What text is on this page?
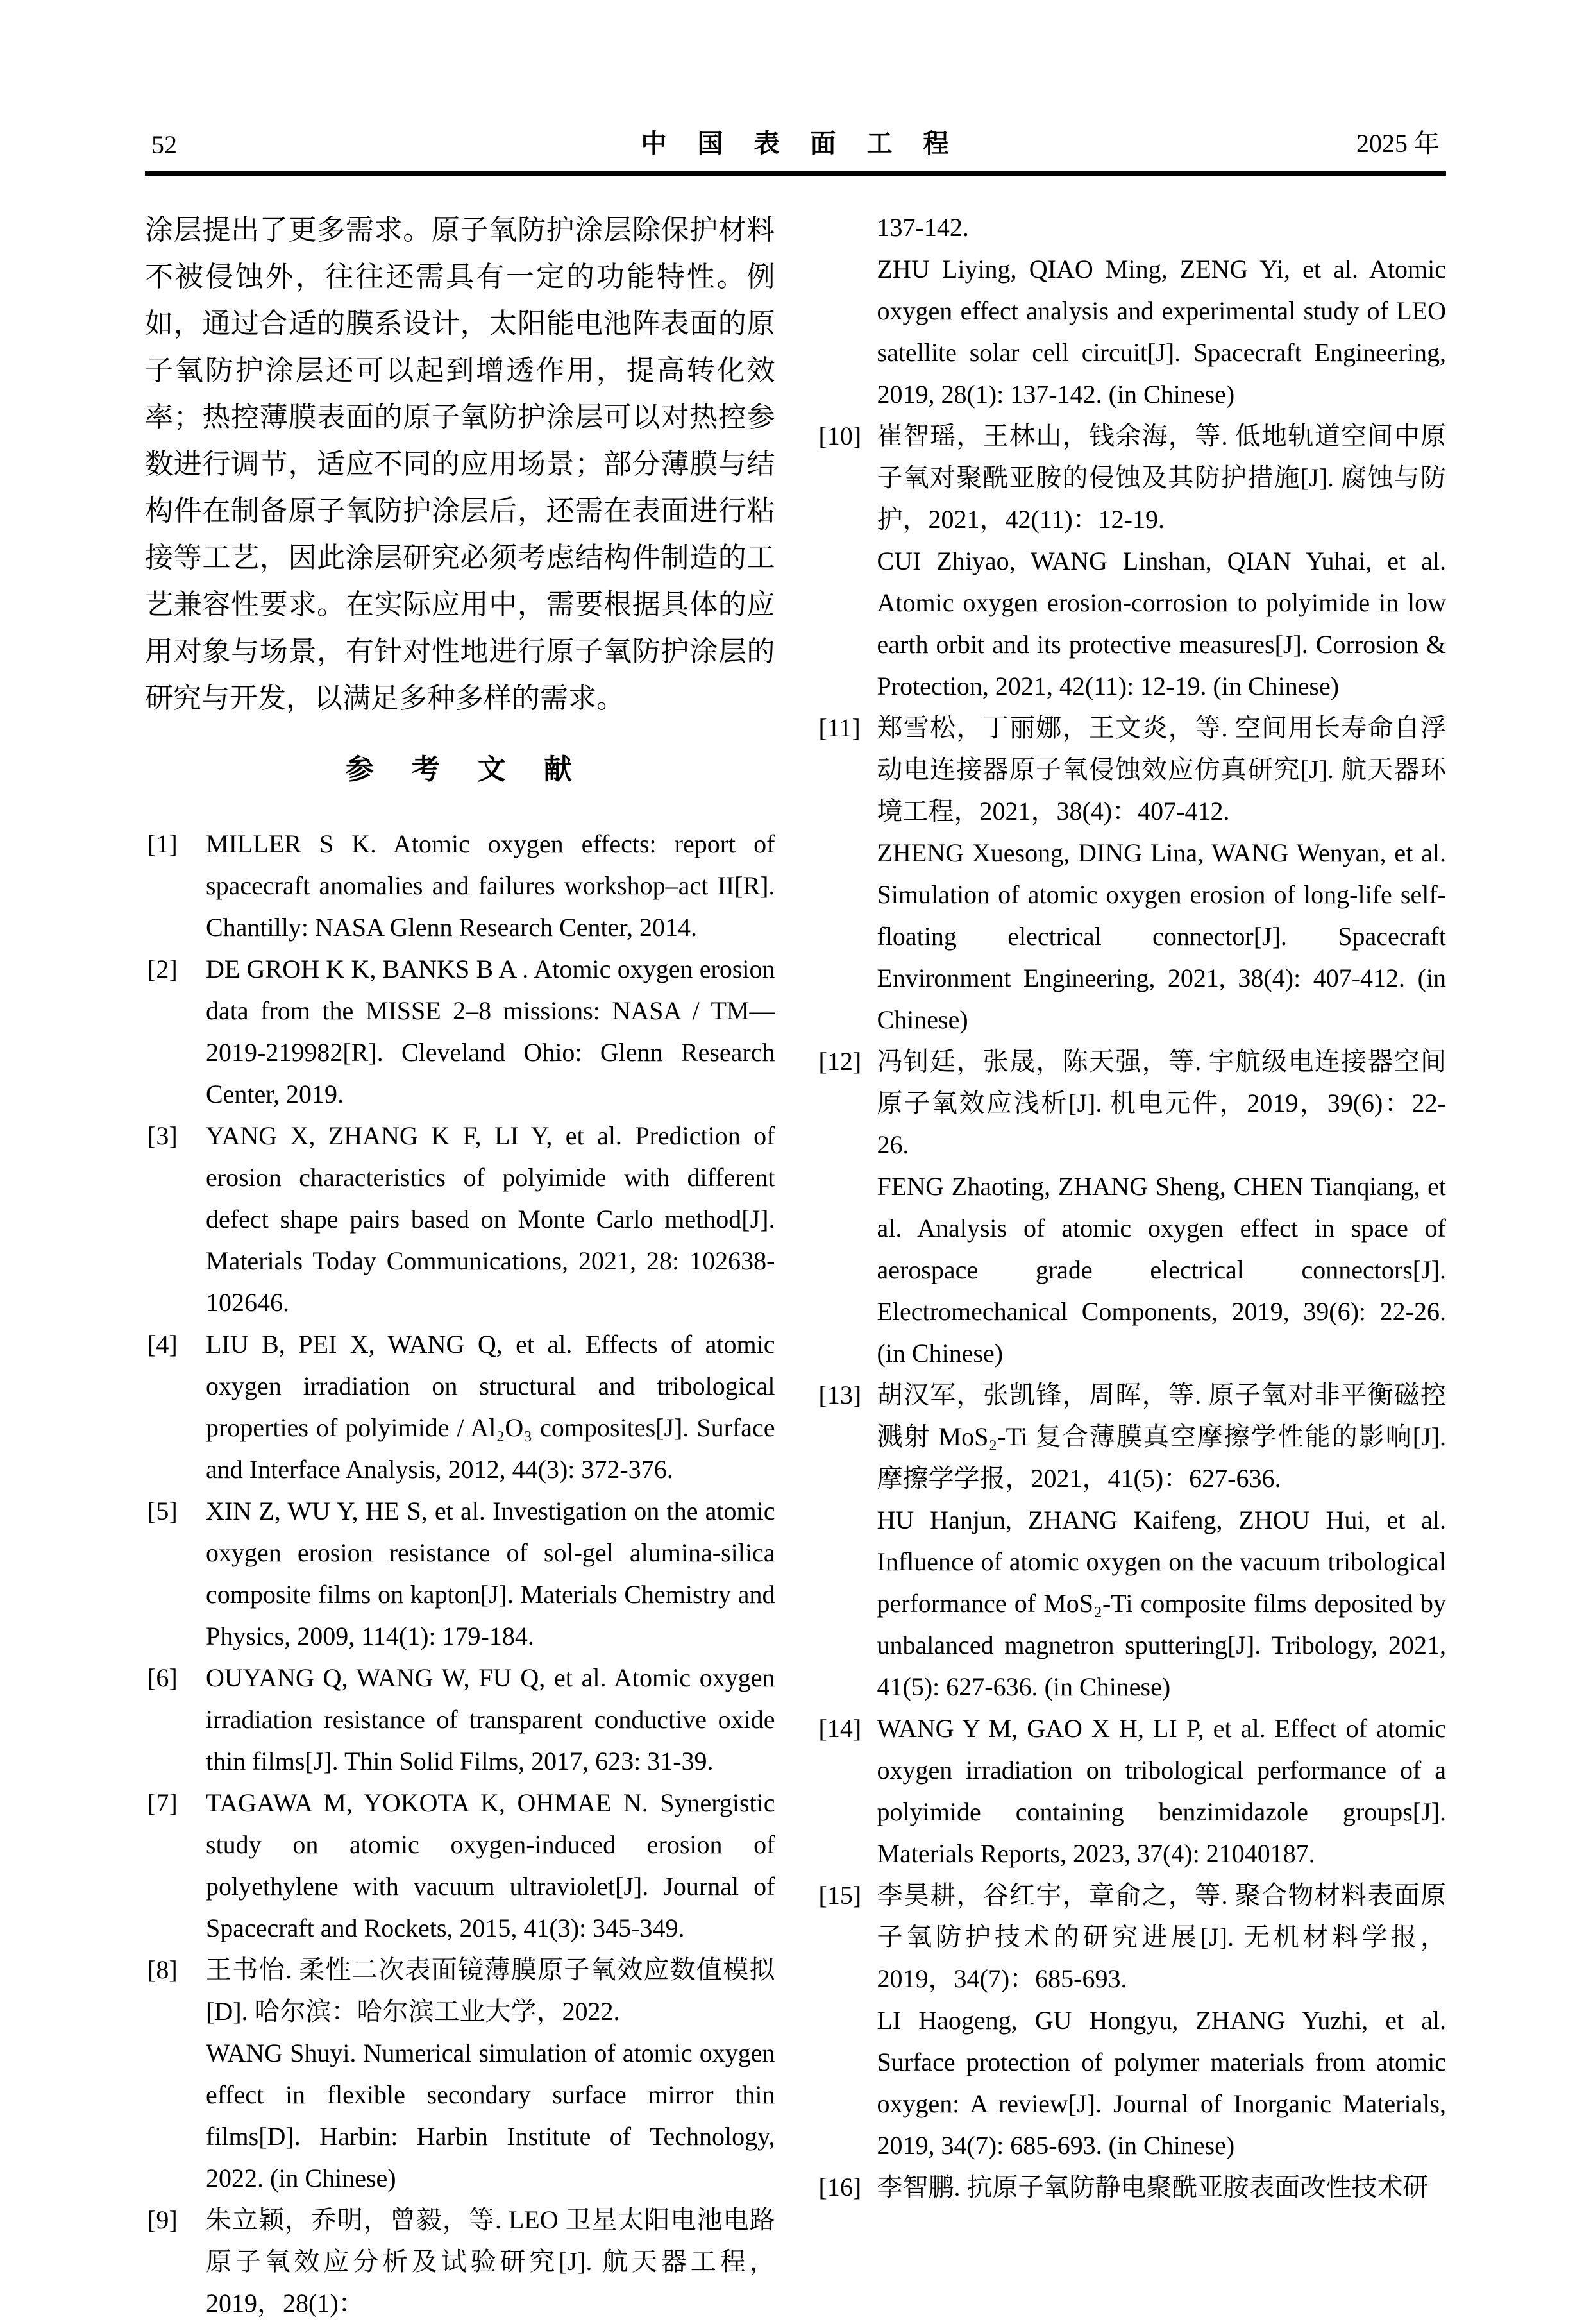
52	中 国 表 面 工 程	2025 年

涂层提出了更多需求。原子氧防护涂层除保护材料不被侵蚀外，往往还需具有一定的功能特性。例如，通过合适的膜系设计，太阳能电池阵表面的原子氧防护涂层还可以起到增透作用，提高转化效率；热控薄膜表面的原子氧防护涂层可以对热控参数进行调节，适应不同的应用场景；部分薄膜与结构件在制备原子氧防护涂层后，还需在表面进行粘接等工艺，因此涂层研究必须考虑结构件制造的工艺兼容性要求。在实际应用中，需要根据具体的应用对象与场景，有针对性地进行原子氧防护涂层的研究与开发，以满足多种多样的需求。

参 考 文 献
[1]	MILLER S K. Atomic oxygen effects: report of spacecraft anomalies and failures workshop–act II[R]. Chantilly: NASA Glenn Research Center, 2014.

[2]	DE GROH K K, BANKS B A . Atomic oxygen erosion data from the MISSE 2–8 missions: NASA / TM—2019-219982[R]. Cleveland Ohio: Glenn Research Center, 2019.

[3]	YANG X, ZHANG K F, LI Y, et al. Prediction of erosion characteristics of polyimide with different defect shape pairs based on Monte Carlo method[J]. Materials Today Communications, 2021, 28: 102638-102646.

[4]	LIU B, PEI X, WANG Q, et al. Effects of atomic oxygen irradiation on structural and tribological properties of polyimide / Al₂O₃ composites[J]. Surface and Interface Analysis, 2012, 44(3): 372-376.

[5]	XIN Z, WU Y, HE S, et al. Investigation on the atomic oxygen erosion resistance of sol-gel alumina-silica composite films on kapton[J]. Materials Chemistry and Physics, 2009, 114(1): 179-184.

[6]	OUYANG Q, WANG W, FU Q, et al. Atomic oxygen irradiation resistance of transparent conductive oxide thin films[J]. Thin Solid Films, 2017, 623: 31-39.

[7]	TAGAWA M, YOKOTA K, OHMAE N. Synergistic study on atomic oxygen-induced erosion of polyethylene with vacuum ultraviolet[J]. Journal of Spacecraft and Rockets, 2015, 41(3): 345-349.

[8]	王书怡. 柔性二次表面镜薄膜原子氧效应数值模拟[D]. 哈尔滨：哈尔滨工业大学，2022.

WANG Shuyi. Numerical simulation of atomic oxygen effect in flexible secondary surface mirror thin films[D]. Harbin: Harbin Institute of Technology, 2022. (in Chinese)

[9]	朱立颖，乔明，曾毅，等. LEO 卫星太阳电池电路原子氧效应分析及试验研究[J]. 航天器工程，2019，28(1)：

137-142.

ZHU Liying, QIAO Ming, ZENG Yi, et al. Atomic oxygen effect analysis and experimental study of LEO satellite solar cell circuit[J]. Spacecraft Engineering, 2019, 28(1): 137-142. (in Chinese)

[10] 崔智瑶，王林山，钱余海，等. 低地轨道空间中原子氧对聚酰亚胺的侵蚀及其防护措施[J]. 腐蚀与防护，2021，42(11)：12-19.

CUI Zhiyao, WANG Linshan, QIAN Yuhai, et al. Atomic oxygen erosion-corrosion to polyimide in low earth orbit and its protective measures[J]. Corrosion & Protection, 2021, 42(11): 12-19. (in Chinese)

[11] 郑雪松，丁丽娜，王文炎，等. 空间用长寿命自浮动电连接器原子氧侵蚀效应仿真研究[J]. 航天器环境工程，2021，38(4)：407-412.

ZHENG Xuesong, DING Lina, WANG Wenyan, et al. Simulation of atomic oxygen erosion of long-life self-floating electrical connector[J]. Spacecraft Environment Engineering, 2021, 38(4): 407-412. (in Chinese)

[12] 冯钊廷，张晟，陈天强，等. 宇航级电连接器空间原子氧效应浅析[J]. 机电元件，2019，39(6)：22-26.

FENG Zhaoting, ZHANG Sheng, CHEN Tianqiang, et al. Analysis of atomic oxygen effect in space of aerospace grade electrical connectors[J]. Electromechanical Components, 2019, 39(6): 22-26. (in Chinese)

[13] 胡汉军，张凯锋，周晖，等. 原子氧对非平衡磁控溅射 MoS₂-Ti 复合薄膜真空摩擦学性能的影响[J]. 摩擦学学报，2021，41(5)：627-636.

HU Hanjun, ZHANG Kaifeng, ZHOU Hui, et al. Influence of atomic oxygen on the vacuum tribological performance of MoS₂-Ti composite films deposited by unbalanced magnetron sputtering[J]. Tribology, 2021, 41(5): 627-636. (in Chinese)

[14] WANG Y M, GAO X H, LI P, et al. Effect of atomic oxygen irradiation on tribological performance of a polyimide containing benzimidazole groups[J]. Materials Reports, 2023, 37(4): 21040187.

[15] 李昊耕，谷红宇，章俞之，等. 聚合物材料表面原子氧防护技术的研究进展[J]. 无机材料学报，2019，34(7)：685-693.

LI Haogeng, GU Hongyu, ZHANG Yuzhi, et al. Surface protection of polymer materials from atomic oxygen: A review[J]. Journal of Inorganic Materials, 2019, 34(7): 685-693. (in Chinese)

[16] 李智鹏. 抗原子氧防静电聚酰亚胺表面改性技术研
